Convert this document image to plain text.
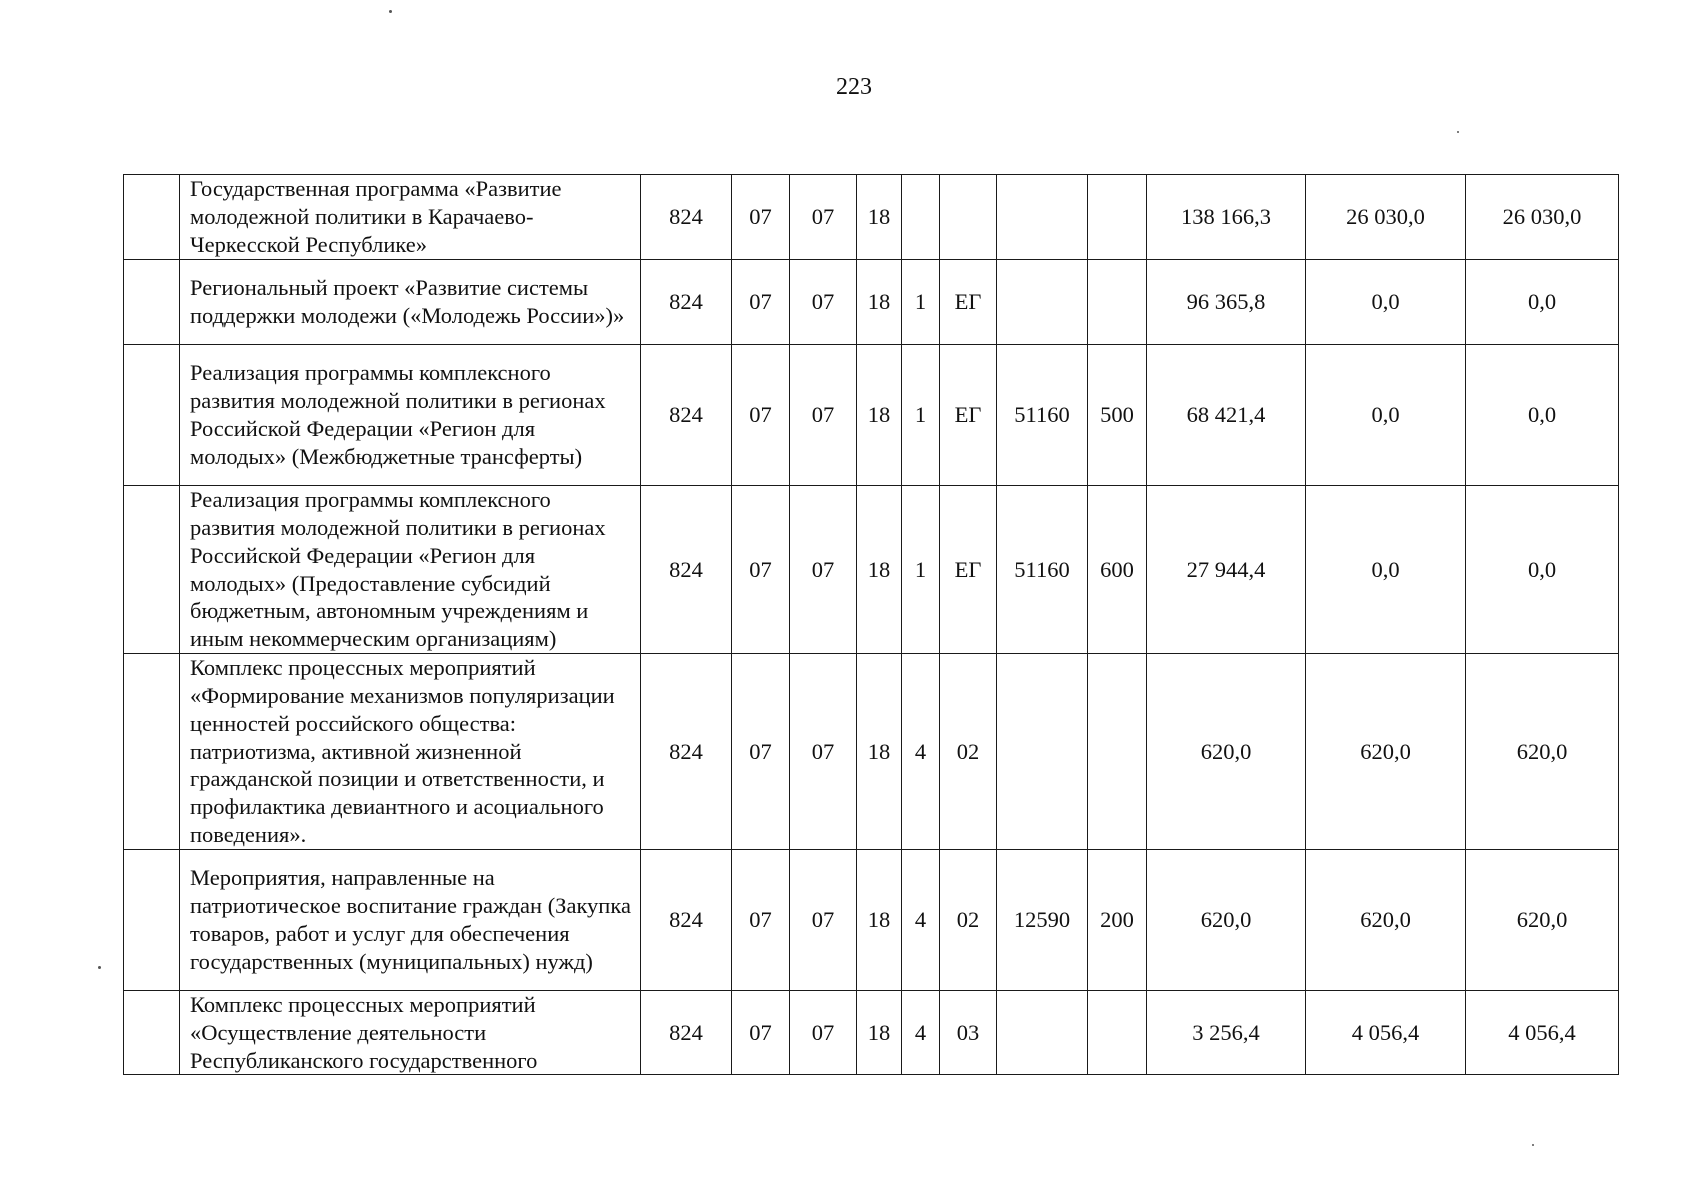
223
	Государственная программа «Развитие молодежной политики в Карачаево-Черкесской Республике»	824	07	07	18					138 166,3	26 030,0	26 030,0
	Региональный проект «Развитие системы поддержки молодежи («Молодежь России»)»	824	07	07	18	1	ЕГ			96 365,8	0,0	0,0
	Реализация программы комплексного развития молодежной политики в регионах Российской Федерации «Регион для молодых» (Межбюджетные трансферты)	824	07	07	18	1	ЕГ	51160	500	68 421,4	0,0	0,0
	Реализация программы комплексного развития молодежной политики в регионах Российской Федерации «Регион для молодых» (Предоставление субсидий бюджетным, автономным учреждениям и иным некоммерческим организациям)	824	07	07	18	1	ЕГ	51160	600	27 944,4	0,0	0,0
	Комплекс процессных мероприятий «Формирование механизмов популяризации ценностей российского общества: патриотизма, активной жизненной гражданской позиции и ответственности, и профилактика девиантного и асоциального поведения».	824	07	07	18	4	02			620,0	620,0	620,0
	Мероприятия, направленные на патриотическое воспитание граждан (Закупка товаров, работ и услуг для обеспечения государственных (муниципальных) нужд)	824	07	07	18	4	02	12590	200	620,0	620,0	620,0
	Комплекс процессных мероприятий «Осуществление деятельности Республиканского государственного	824	07	07	18	4	03			3 256,4	4 056,4	4 056,4
